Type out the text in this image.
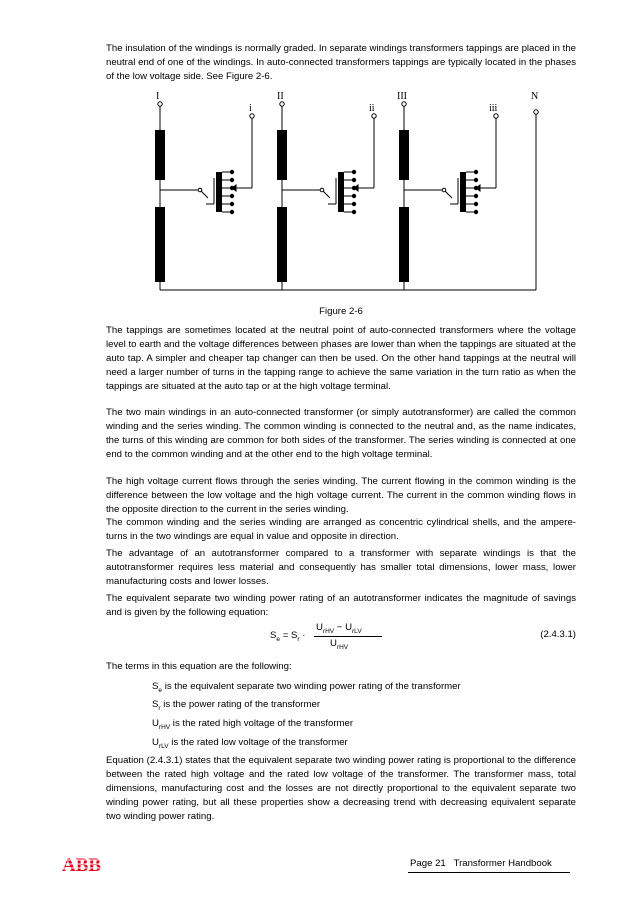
The insulation of the windings is normally graded. In separate windings transformers tappings are placed in the neutral end of one of the windings. In auto-connected transformers tappings are typically located in the phases of the low voltage side. See Figure 2-6.

I
i
II
ii
III
iii
N
Figure 2-6

The tappings are sometimes located at the neutral point of auto-connected transformers where the voltage level to earth and the voltage differences between phases are lower than when the tappings are situated at the auto tap. A simpler and cheaper tap changer can then be used. On the other hand tappings at the neutral will need a larger number of turns in the tapping range to achieve the same variation in the turn ratio as when the tappings are situated at the auto tap or at the high voltage terminal.

The two main windings in an auto-connected transformer (or simply autotransformer) are called the common winding and the series winding. The common winding is connected to the neutral and, as the name indicates, the turns of this winding are common for both sides of the transformer. The series winding is connected at one end to the common winding and at the other end to the high voltage terminal.

The high voltage current flows through the series winding. The current flowing in the common winding is the difference between the low voltage and the high voltage current. The current in the common winding flows in the opposite direction to the current in the series winding.

The common winding and the series winding are arranged as concentric cylindrical shells, and the ampere-turns in the two windings are equal in value and opposite in direction.

The advantage of an autotransformer compared to a transformer with separate windings is that the autotransformer requires less material and consequently has smaller total dimensions, lower mass, lower manufacturing costs and lower losses.

The equivalent separate two winding power rating of an autotransformer indicates the magnitude of savings and is given by the following equation:

$S_e = S_r$ ·
$U_{rHV} - U_{rLV}$
$U_{rHV}$
(2.4.3.1)

The terms in this equation are the following:

$S_e$ is the equivalent separate two winding power rating of the transformer

$S_r$ is the power rating of the transformer

$U_{rHV}$ is the rated high voltage of the transformer

$U_{rLV}$ is the rated low voltage of the transformer

Equation (2.4.3.1) states that the equivalent separate two winding power rating is proportional to the difference between the rated high voltage and the rated low voltage of the transformer. The transformer mass, total dimensions, manufacturing cost and the losses are not directly proportional to the equivalent separate two winding power rating, but all these properties show a decreasing trend with decreasing equivalent separate two winding power rating.

ABB	Page 21   Transformer Handbook
